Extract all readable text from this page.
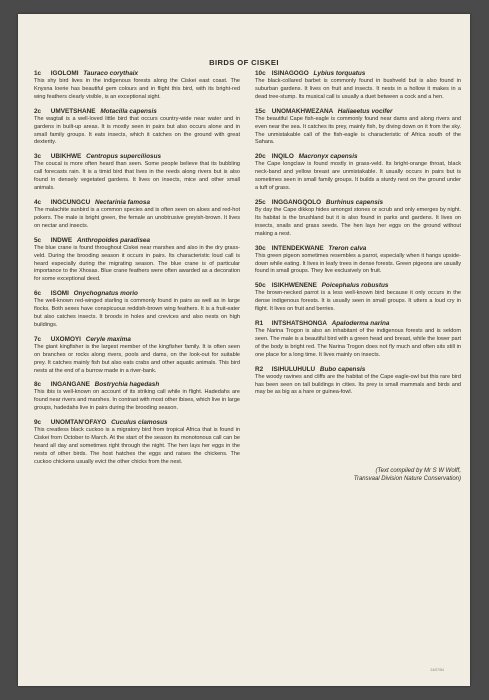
BIRDS OF CISKEI
1c IGOLOMI Tauraco corythaix
This shy bird lives in the indigenous forests along the Ciskei east coast. The Knysna loerie has beautiful gem colours and in flight this bird, with its bright-red wing feathers clearly visible, is an exceptional sight.
2c UMVETSHANE Motacilla capensis
The wagtail is a well-loved little bird that occurs country-wide near water and in gardens in built-up areas. It is mostly seen in pairs but also occurs alone and in small family groups. It eats insects, which it catches on the ground with great dexterity.
3c UBIKHWE Centropus superciliosus
The coucal is more often heard than seen. Some people believe that its bubbling call forecasts rain. It is a timid bird that lives in the reeds along rivers but is also found in densely vegetated gardens. It lives on insects, mice and other small animals.
4c INGCUNGCU Nectarinia famosa
The malachite sunbird is a common species and is often seen on aloes and red-hot pokers. The male is bright green, the female an unobtrusive greyish-brown. It lives on nectar and insects.
5c INDWE Anthropoides paradisea
The blue crane is found throughout Ciskei near marshes and also in the dry grass-veld. During the brooding season it occurs in pairs. Its characteristic loud call is heard especially during the migrating season. The blue crane is of particular importance to the Xhosas. Blue crane feathers were often awarded as a decoration for some exceptional deed.
6c ISOMI Onychognatus morio
The well-known red-winged starling is commonly found in pairs as well as in large flocks. Both sexes have conspicuous reddish-brown wing feathers. It is a fruit-eater but also catches insects. It broods in holes and crevices and also nests on high buildings.
7c UXOMOYI Ceryle maxima
The giant kingfisher is the largest member of the kingfisher family. It is often seen on branches or rocks along rivers, pools and dams, on the look-out for suitable prey. It catches mainly fish but also eats crabs and other aquatic animals. This bird nests at the end of a burrow made in a river-bank.
8c INGANGANE Bostrychia hagedash
This ibis is well-known on account of its striking call while in flight. Hadedahs are found near rivers and marshes. In contrast with most other ibises, which live in large groups, hadedahs live in pairs during the brooding season.
9c UNOMTAN'OFAYO Cuculus clamosus
This creatless black cuckoo is a migratory bird from tropical Africa that is found in Ciskei from October to March. At the start of the season its monotonous call can be heard all day and sometimes right through the night. The hen lays her eggs in the nests of other birds. The host hatches the eggs and raises the chickens. The cuckoo chickens usually evict the other chicks from the nest.
10c ISINAGOGO Lybius torquatus
The black-collared barbet is commonly found in bushveld but is also found in suburban gardens. It lives on fruit and insects. It nests in a hollow it makes in a dead tree-stump. Its musical call is usually a duet between a cock and a hen.
15c UNOMAKHWEZANA Haliaeetus vocifer
The beautiful Cape fish-eagle is commonly found near dams and along rivers and even near the sea. It catches its prey, mainly fish, by diving down on it from the sky. The unmistakable call of the fish-eagle is characteristic of Africa south of the Sahara.
20c INQILO Macronyx capensis
The Cape longclaw is found mostly in grass-veld. Its bright-orange throat, black neck-band and yellow breast are unmistakable. It usually occurs in pairs but is sometimes seen in small family groups. It builds a sturdy nest on the ground under a tuft of grass.
25c INGGANGQOLO Burhinus capensis
By day the Cape dikkop hides amongst stones or scrub and only emerges by night. Its habitat is the brushland but it is also found in parks and gardens. It lives on insects, snails and grass seeds. The hen lays her eggs on the ground without making a nest.
30c INTENDEKWANE Treron calva
This green pigeon sometimes resembles a parrot, especially when it hangs upside-down while eating. It lives in leafy trees in dense forests. Green pigeons are usually found in small groups. They live exclusively on fruit.
50c ISIKHWENENE Poicephalus robustus
The brown-necked parrot is a less well-known bird because it only occurs in the dense indigenous forests. It is usually seen in small groups. It utters a loud cry in flight. It lives on fruit and berries.
R1 INTSHATSHONGA Apaloderma narina
The Narina Trogon is also an inhabitant of the indigenous forests and is seldom seen. The male is a beautiful bird with a green head and breast, while the lower part of the body is bright red. The Narina Trogon does not fly much and often sits still in one place for a long time. It lives mainly on insects.
R2 ISIHULUHULU Bubo capensis
The woody ravines and cliffs are the habitat of the Cape eagle-owl but this rare bird has been seen on tall buildings in cities. Its prey is small mammals and birds and may be as big as a hare or guinea-fowl.
(Text compiled by Mr S W Wolff,
Transvaal Division Nature Conservation)
24/07/84
